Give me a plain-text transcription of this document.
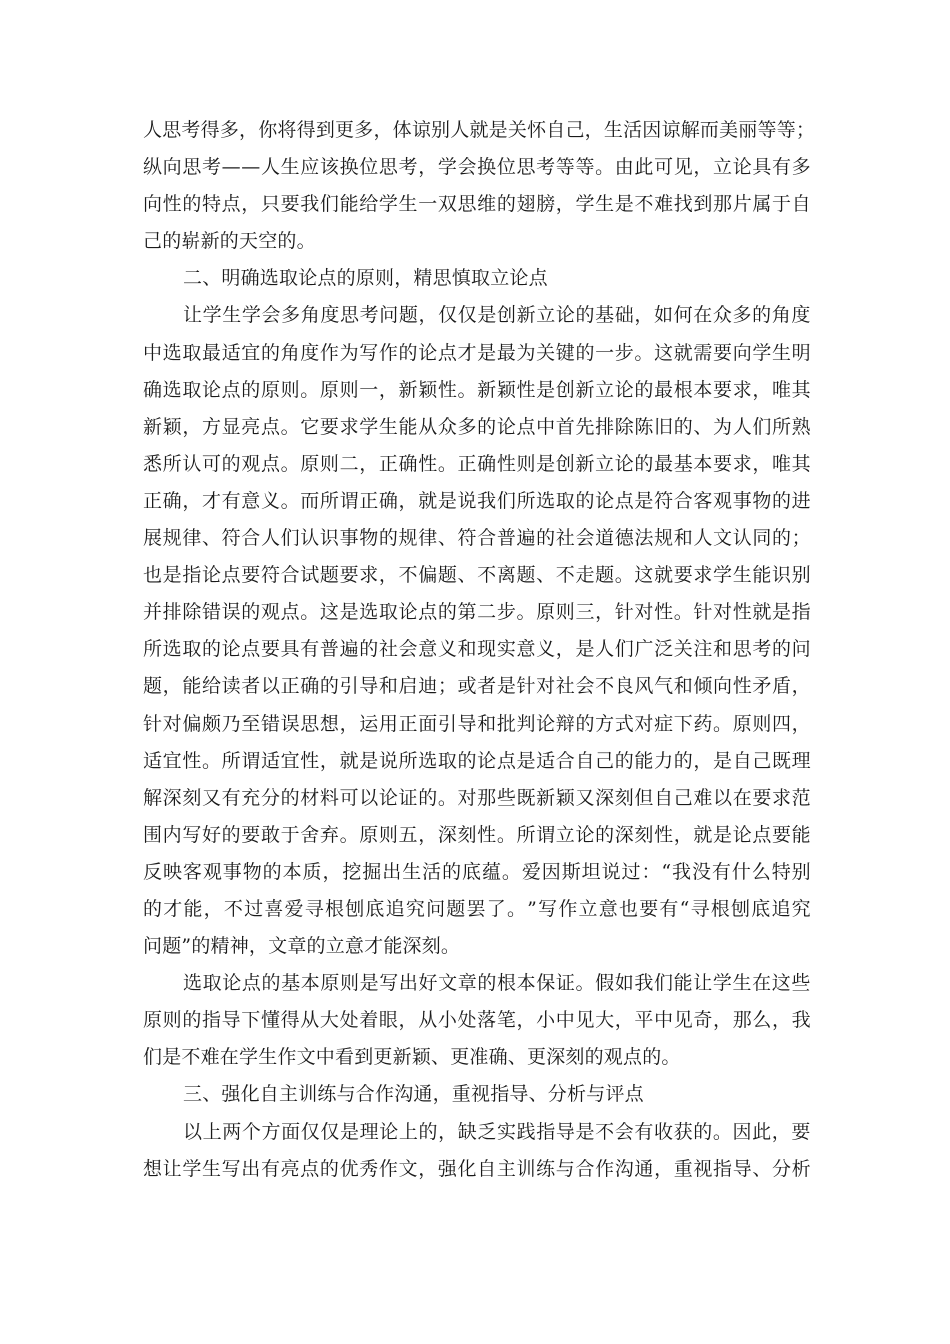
人 思 考 得 多 ， 你 将 得 到 更 多 ， 体 谅 别 人 就 是 关 怀 自 己 ， 生 活 因 谅 解 而 美 丽 等 等 ；
纵 向 思 考 — — 人 生 应 该 换 位 思 考 ， 学 会 换 位 思 考 等 等 。 由 此 可 见 ， 立 论 具 有 多
向 性 的 特 点 ， 只 要 我 们 能 给 学 生 一 双 思 维 的 翅 膀 ， 学 生 是 不 难 找 到 那 片 属 于 自
己的崭新的天空的。
二、明确选取论点的原则，精思慎取立论点
让 学 生 学 会 多 角 度 思 考 问 题 ， 仅 仅 是 创 新 立 论 的 基 础 ， 如 何 在 众 多 的 角 度
中 选 取 最 适 宜 的 角 度 作 为 写 作 的 论 点 才 是 最 为 关 键 的 一 步 。 这 就 需 要 向 学 生 明
确 选 取 论 点 的 原 则 。 原 则 一 ， 新 颖 性 。 新 颖 性 是 创 新 立 论 的 最 根 本 要 求 ， 唯 其
新 颖 ， 方 显 亮 点 。 它 要 求 学 生 能 从 众 多 的 论 点 中 首 先 排 除 陈 旧 的 、 为 人 们 所 熟
悉 所 认 可 的 观 点 。 原 则 二 ， 正 确 性 。 正 确 性 则 是 创 新 立 论 的 最 基 本 要 求 ， 唯 其
正 确 ， 才 有 意 义 。 而 所 谓 正 确 ， 就 是 说 我 们 所 选 取 的 论 点 是 符 合 客 观 事 物 的 进
展 规 律 、 符 合 人 们 认 识 事 物 的 规 律 、 符 合 普 遍 的 社 会 道 德 法 规 和 人 文 认 同 的 ；
也 是 指 论 点 要 符 合 试 题 要 求 ， 不 偏 题 、 不 离 题 、 不 走 题 。 这 就 要 求 学 生 能 识 别
并 排 除 错 误 的 观 点 。 这 是 选 取 论 点 的 第 二 步 。 原 则 三 ， 针 对 性 。 针 对 性 就 是 指
所 选 取 的 论 点 要 具 有 普 遍 的 社 会 意 义 和 现 实 意 义 ， 是 人 们 广 泛 关 注 和 思 考 的 问
题 ， 能 给 读 者 以 正 确 的 引 导 和 启 迪 ； 或 者 是 针 对 社 会 不 良 风 气 和 倾 向 性 矛 盾 ，
针 对 偏 颇 乃 至 错 误 思 想 ， 运 用 正 面 引 导 和 批 判 论 辩 的 方 式 对 症 下 药 。 原 则 四 ，
适 宜 性 。 所 谓 适 宜 性 ， 就 是 说 所 选 取 的 论 点 是 适 合 自 己 的 能 力 的 ， 是 自 己 既 理
解 深 刻 又 有 充 分 的 材 料 可 以 论 证 的 。 对 那 些 既 新 颖 又 深 刻 但 自 己 难 以 在 要 求 范
围 内 写 好 的 要 敢 于 舍 弃 。 原 则 五 ， 深 刻 性 。 所 谓 立 论 的 深 刻 性 ， 就 是 论 点 要 能
反 映 客 观 事 物 的 本 质 ， 挖 掘 出 生 活 的 底 蕴 。 爱 因 斯 坦 说 过 ： “ 我 没 有 什 么 特 别
的 才 能 ， 不 过 喜 爱 寻 根 刨 底 追 究 问 题 罢 了 。 ” 写 作 立 意 也 要 有 “ 寻 根 刨 底 追 究
问题”的精神，文章的立意才能深刻。
选 取 论 点 的 基 本 原 则 是 写 出 好 文 章 的 根 本 保 证 。 假 如 我 们 能 让 学 生 在 这 些
原 则 的 指 导 下 懂 得 从 大 处 着 眼 ， 从 小 处 落 笔 ， 小 中 见 大 ， 平 中 见 奇 ， 那 么 ， 我
们是不难在学生作文中看到更新颖、更准确、更深刻的观点的。
三、强化自主训练与合作沟通，重视指导、分析与评点
以 上 两 个 方 面 仅 仅 是 理 论 上 的 ， 缺 乏 实 践 指 导 是 不 会 有 收 获 的 。 因 此 ， 要
想 让 学 生 写 出 有 亮 点 的 优 秀 作 文 ， 强 化 自 主 训 练 与 合 作 沟 通 ， 重 视 指 导 、 分 析
